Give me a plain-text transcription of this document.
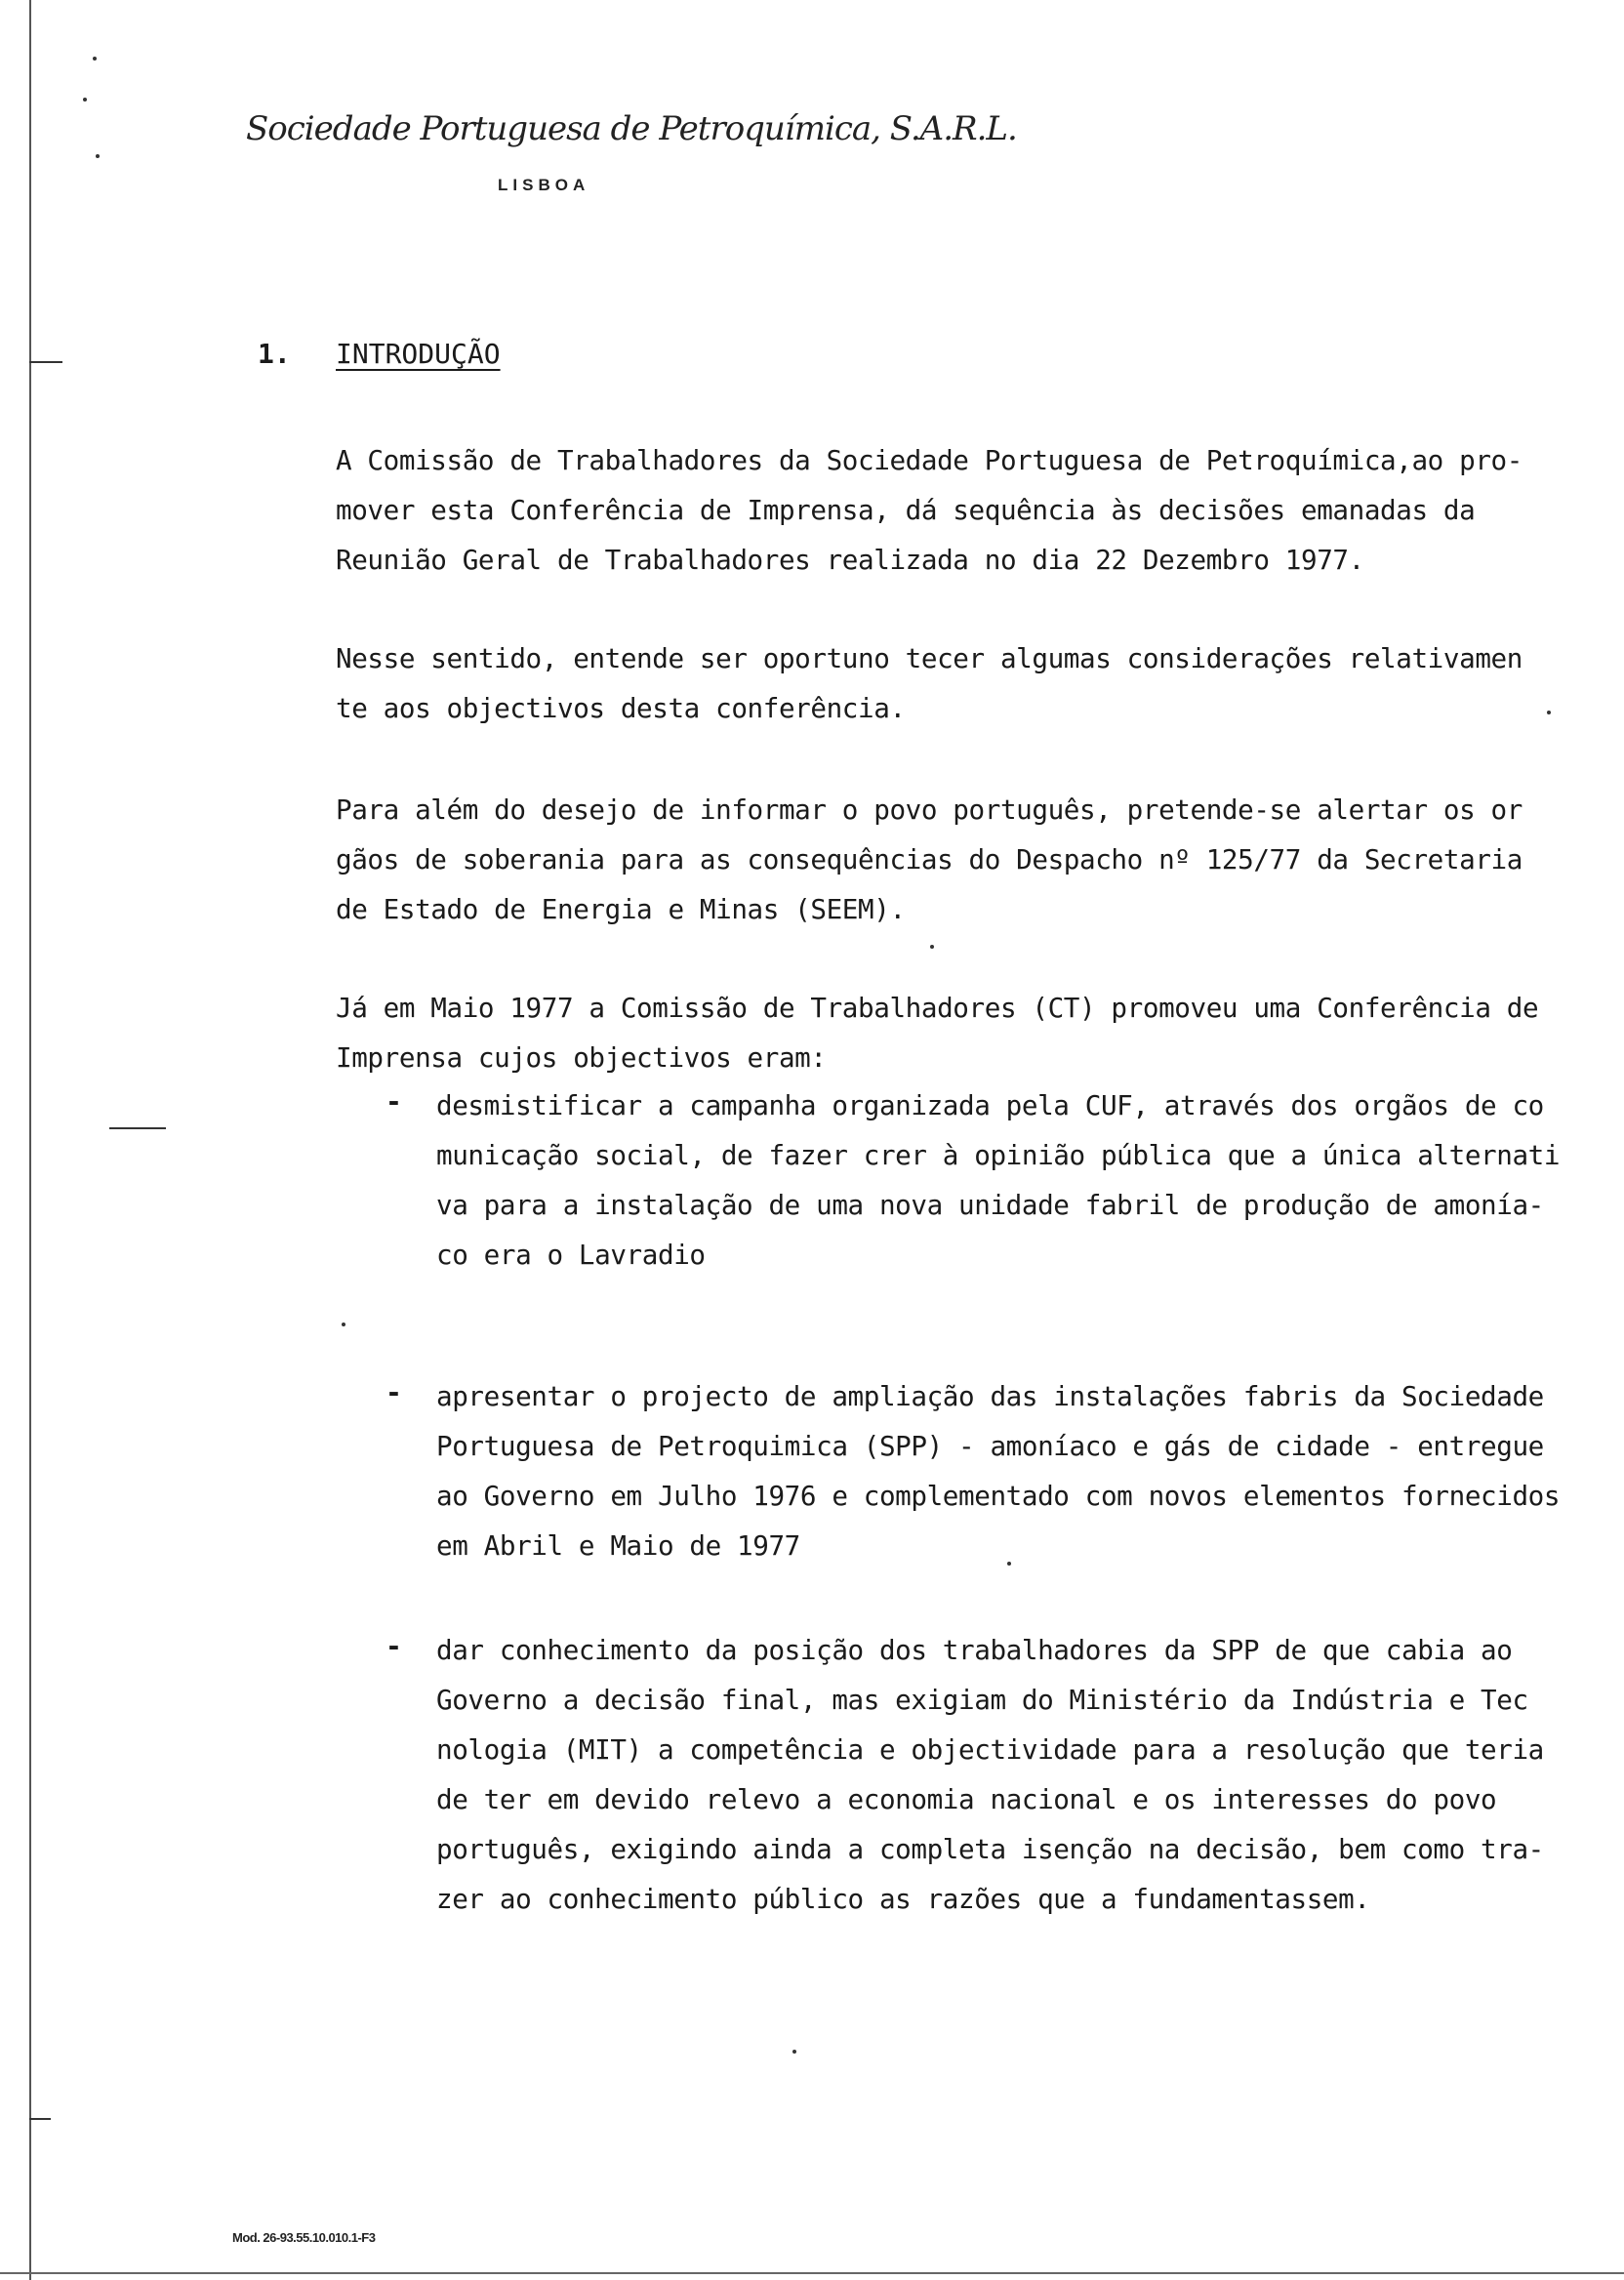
Sociedade Portuguesa de Petroquímica, S.A.R.L.
LISBOA
1. INTRODUÇÃO

A Comissão de Trabalhadores da Sociedade Portuguesa de Petroquímica,ao pro-
mover esta Conferência de Imprensa, dá sequência às decisões emanadas da
Reunião Geral de Trabalhadores realizada no dia 22 Dezembro 1977.

Nesse sentido, entende ser oportuno tecer algumas considerações relativamen
te aos objectivos desta conferência.

Para além do desejo de informar o povo português, pretende-se alertar os or
gãos de soberania para as consequências do Despacho nº 125/77 da Secretaria
de Estado de Energia e Minas (SEEM).

Já em Maio 1977 a Comissão de Trabalhadores (CT) promoveu uma Conferência de
Imprensa cujos objectivos eram:

- desmistificar a campanha organizada pela CUF, através dos orgãos de co
municação social, de fazer crer à opinião pública que a única alternati
va para a instalação de uma nova unidade fabril de produção de amonía-
co era o Lavradio

- apresentar o projecto de ampliação das instalações fabris da Sociedade
Portuguesa de Petroquimica (SPP) - amoníaco e gás de cidade - entregue
ao Governo em Julho 1976 e complementado com novos elementos fornecidos
em Abril e Maio de 1977

- dar conhecimento da posição dos trabalhadores da SPP de que cabia ao
Governo a decisão final, mas exigiam do Ministério da Indústria e Tec
nologia (MIT) a competência e objectividade para a resolução que teria
de ter em devido relevo a economia nacional e os interesses do povo
português, exigindo ainda a completa isenção na decisão, bem como tra-
zer ao conhecimento público as razões que a fundamentassem.

Mod. 26-93.55.10.010.1-F3
